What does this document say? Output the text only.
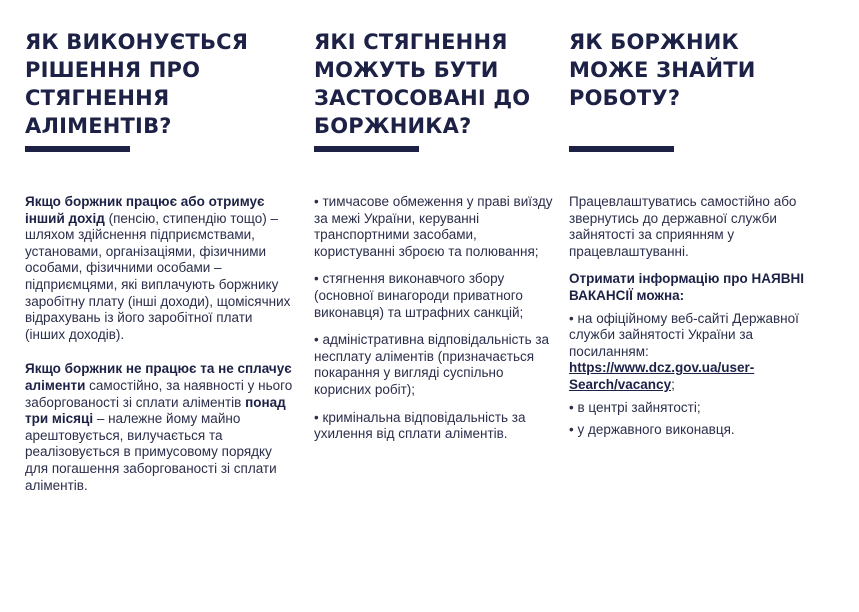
ЯК ВИКОНУЄТЬСЯ
РІШЕННЯ ПРО
СТЯГНЕННЯ АЛІМЕНТІВ?

Якщо боржник працює або отримує інший дохід (пенсію, стипендію тощо) – шляхом здійснення підприємствами, установами, організаціями, фізичними особами, фізичними особами – підприємцями, які виплачують боржнику заробітну плату (інші доходи), щомісячних відрахувань із його заробітної плати (інших доходів).

Якщо боржник не працює та не сплачує аліменти самостійно, за наявності у нього заборгованості зі сплати аліментів понад три місяці – належне йому майно арештовується, вилучається та реалізовується в примусовому порядку для погашення заборгованості зі сплати аліментів.

ЯКІ СТЯГНЕННЯ
МОЖУТЬ БУТИ
ЗАСТОСОВАНІ ДО
БОРЖНИКА?

• тимчасове обмеження у праві виїзду за межі України, керуванні транспортними засобами, користуванні зброєю та полювання;

• стягнення виконавчого збору (основної винагороди приватного виконавця) та штрафних санкцій;

• адміністративна відповідальність за несплату аліментів (призначається покарання у вигляді суспільно корисних робіт);

• кримінальна відповідальність за ухилення від сплати аліментів.

ЯК БОРЖНИК
МОЖЕ ЗНАЙТИ
РОБОТУ?

Працевлаштуватись самостійно або звернутись до державної служби зайнятості за сприянням у працевлаштуванні.

Отримати інформацію про НАЯВНІ ВАКАНСІЇ можна:

• на офіційному веб-сайті Державної служби зайнятості України за посиланням:
https://www.dcz.gov.ua/user-Search/vacancy;

• в центрі зайнятості;

• у державного виконавця.
